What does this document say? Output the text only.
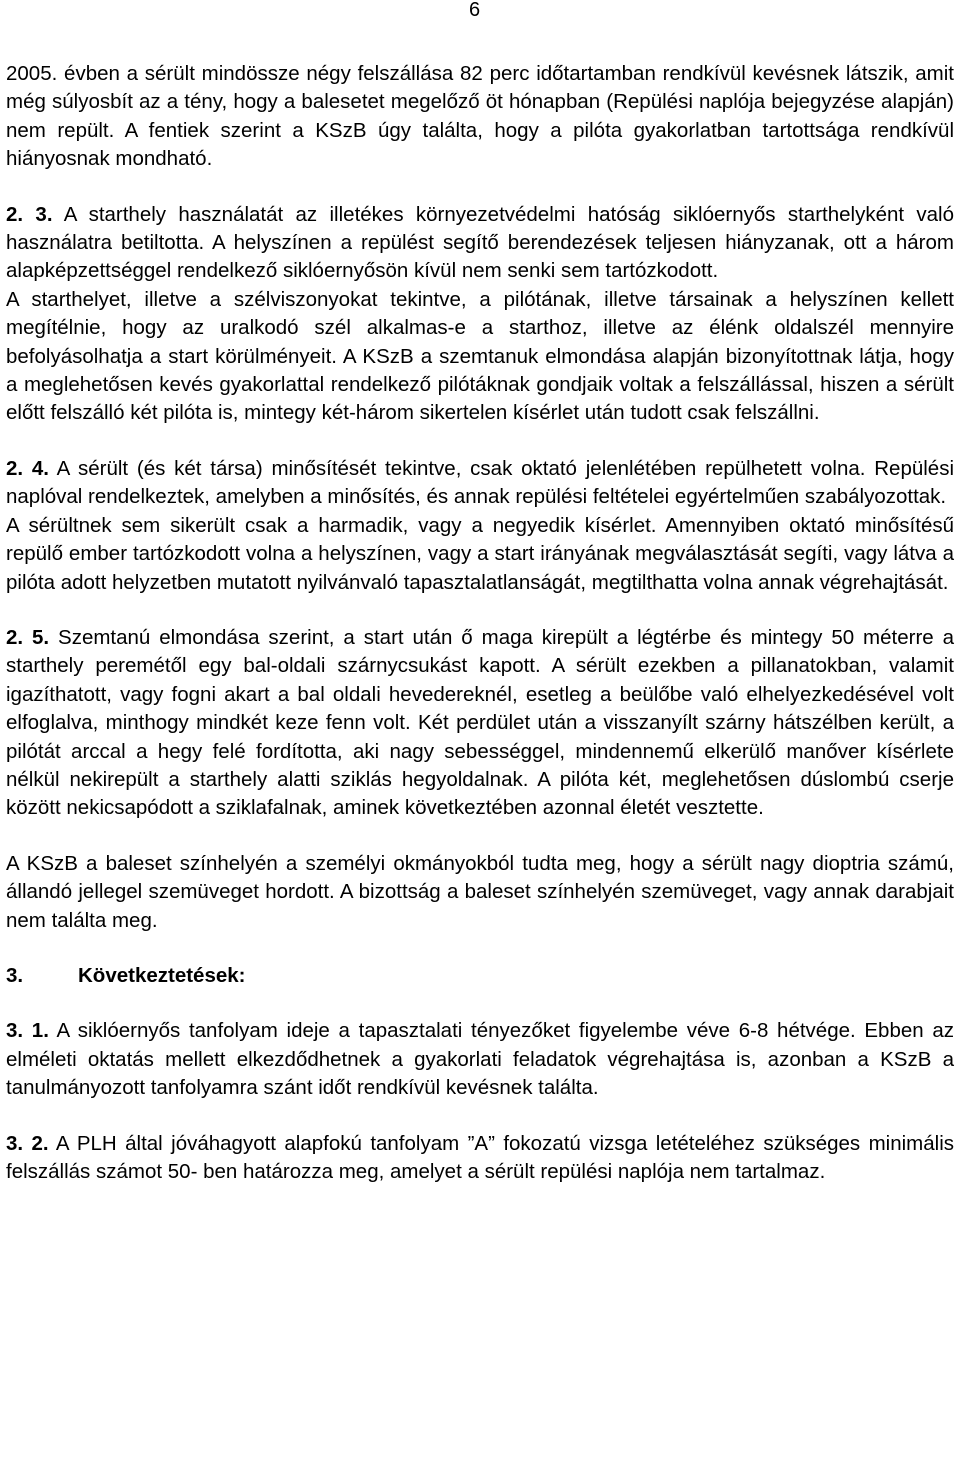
6

2005. évben a sérült mindössze négy felszállása 82 perc időtartamban rendkívül kevésnek látszik, amit még súlyosbít az a tény, hogy a balesetet megelőző öt hónapban (Repülési naplója bejegyzése alapján) nem repült. A fentiek szerint a KSzB úgy találta, hogy a pilóta gyakorlatban tartottsága rendkívül hiányosnak mondható.

2. 3. A starthely használatát az illetékes környezetvédelmi hatóság siklóernyős starthelyként való használatra betiltotta. A helyszínen a repülést segítő berendezések teljesen hiányzanak, ott a három alapképzettséggel rendelkező siklóernyősön kívül nem senki sem tartózkodott.

A starthelyet, illetve a szélviszonyokat tekintve, a pilótának, illetve társainak a helyszínen kellett megítélnie, hogy az uralkodó szél alkalmas-e a starthoz, illetve az élénk oldalszél mennyire befolyásolhatja a start körülményeit. A KSzB a szemtanuk elmondása alapján bizonyítottnak látja, hogy a meglehetősen kevés gyakorlattal rendelkező pilótáknak gondjaik voltak a felszállással, hiszen a sérült előtt felszálló két pilóta is, mintegy két-három sikertelen kísérlet után tudott csak felszállni.

2. 4. A sérült (és két társa) minősítését tekintve, csak oktató jelenlétében repülhetett volna. Repülési naplóval rendelkeztek, amelyben a minősítés, és annak repülési feltételei egyértelműen szabályozottak.

A sérültnek sem sikerült csak a harmadik, vagy a negyedik kísérlet. Amennyiben oktató minősítésű repülő ember tartózkodott volna a helyszínen, vagy a start irányának megválasztását segíti, vagy látva a pilóta adott helyzetben mutatott nyilvánvaló tapasztalatlanságát, megtilthatta volna annak végrehajtását.

2. 5. Szemtanú elmondása szerint, a start után ő maga kirepült a légtérbe és mintegy 50 méterre a starthely peremétől egy bal-oldali szárnycsukást kapott. A sérült ezekben a pillanatokban, valamit igazíthatott, vagy fogni akart a bal oldali hevedereknél, esetleg a beülőbe való elhelyezkedésével volt elfoglalva, minthogy mindkét keze fenn volt. Két perdület után a visszanyílt szárny hátszélben került, a pilótát arccal a hegy felé fordította, aki nagy sebességgel, mindennemű elkerülő manőver kísérlete nélkül nekirepült a starthely alatti sziklás hegyoldalnak. A pilóta két, meglehetősen dúslombú cserje között nekicsapódott a sziklafalnak, aminek következtében azonnal életét vesztette.

A KSzB a baleset színhelyén a személyi okmányokból tudta meg, hogy a sérült nagy dioptria számú, állandó jellegel szemüveget hordott. A bizottság a baleset színhelyén szemüveget, vagy annak darabjait nem találta meg.

3.	Következtetések:

3. 1. A siklóernyős tanfolyam ideje a tapasztalati tényezőket figyelembe véve 6-8 hétvége. Ebben az elméleti oktatás mellett elkezdődhetnek a gyakorlati feladatok végrehajtása is, azonban a KSzB a tanulmányozott tanfolyamra szánt időt rendkívül kevésnek találta.

3. 2. A PLH által jóváhagyott alapfokú tanfolyam ”A” fokozatú vizsga letételéhez szükséges minimális felszállás számot 50- ben határozza meg, amelyet a sérült repülési naplója nem tartalmaz.
